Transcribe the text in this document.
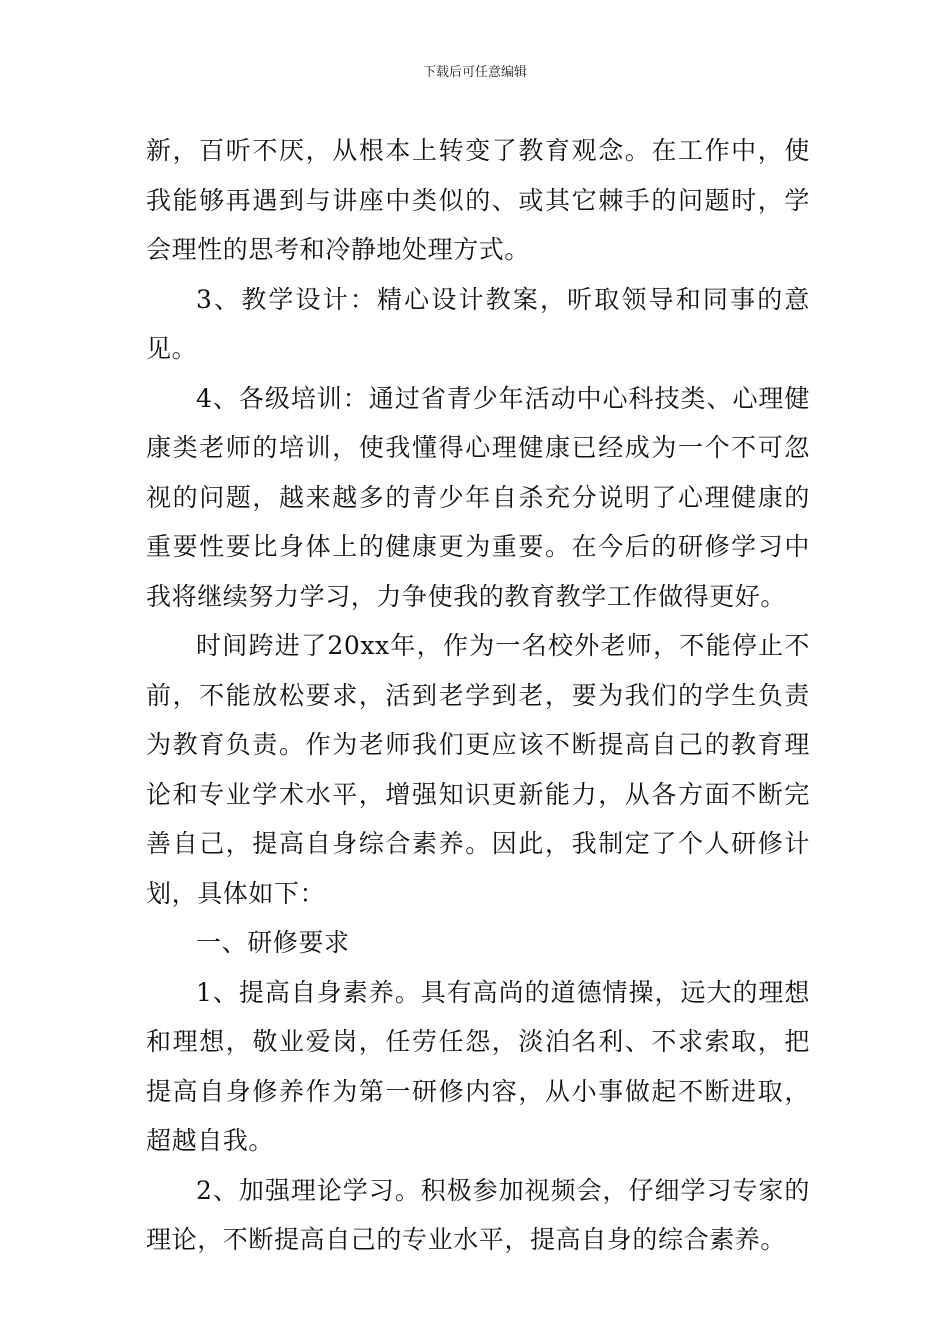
下载后可任意编辑

新，百听不厌，从根本上转变了教育观念。在工作中，使我能够再遇到与讲座中类似的、或其它棘手的问题时，学会理性的思考和冷静地处理方式。

3、教学设计：精心设计教案，听取领导和同事的意见。

4、各级培训：通过省青少年活动中心科技类、心理健康类老师的培训，使我懂得心理健康已经成为一个不可忽视的问题，越来越多的青少年自杀充分说明了心理健康的重要性要比身体上的健康更为重要。在今后的研修学习中我将继续努力学习，力争使我的教育教学工作做得更好。

时间跨进了20xx年，作为一名校外老师，不能停止不前，不能放松要求，活到老学到老，要为我们的学生负责为教育负责。作为老师我们更应该不断提高自己的教育理论和专业学术水平，增强知识更新能力，从各方面不断完善自己，提高自身综合素养。因此，我制定了个人研修计划，具体如下：

一、研修要求

1、提高自身素养。具有高尚的道德情操，远大的理想和理想，敬业爱岗，任劳任怨，淡泊名利、不求索取，把提高自身修养作为第一研修内容，从小事做起不断进取，超越自我。

2、加强理论学习。积极参加视频会，仔细学习专家的理论，不断提高自己的专业水平，提高自身的综合素养。
